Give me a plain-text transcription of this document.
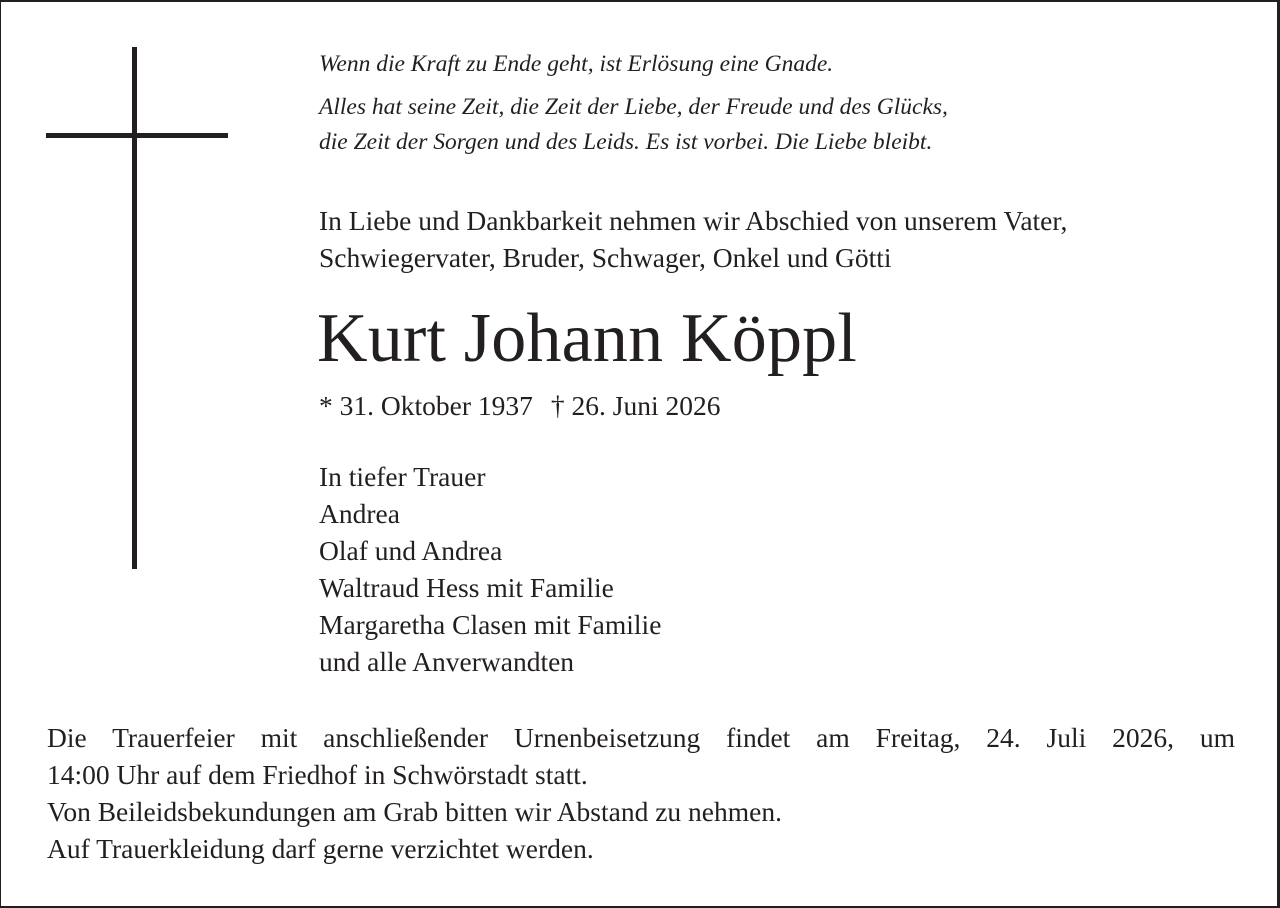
Wenn die Kraft zu Ende geht, ist Erlösung eine Gnade.

Alles hat seine Zeit, die Zeit der Liebe, der Freude und des Glücks,
die Zeit der Sorgen und des Leids. Es ist vorbei. Die Liebe bleibt.

In Liebe und Dankbarkeit nehmen wir Abschied von unserem Vater,
Schwiegervater, Bruder, Schwager, Onkel und Götti

Kurt Johann Köppl
* 31. Oktober 1937 † 26. Juni 2026
In tiefer Trauer
Andrea
Olaf und Andrea
Waltraud Hess mit Familie
Margaretha Clasen mit Familie
und alle Anverwandten
Die Trauerfeier mit anschließender Urnenbeisetzung findet am Freitag, 24. Juli 2026, um
14:00 Uhr auf dem Friedhof in Schwörstadt statt.
Von Beileidsbekundungen am Grab bitten wir Abstand zu nehmen.
Auf Trauerkleidung darf gerne verzichtet werden.
